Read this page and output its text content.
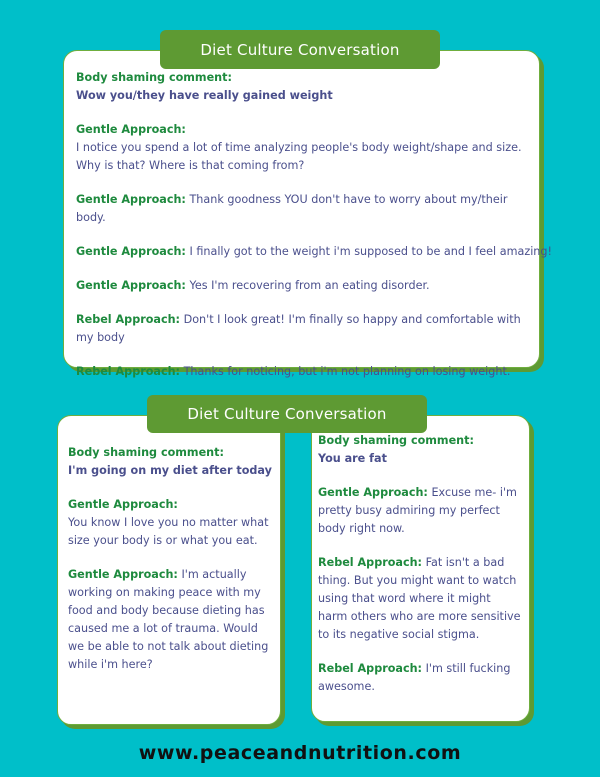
Diet Culture Conversation

Body shaming comment:
Wow you/they have really gained weight

Gentle Approach:
I notice you spend a lot of time analyzing people's body weight/shape and size. Why is that? Where is that coming from?

Gentle Approach: Thank goodness YOU don't have to worry about my/their body.

Gentle Approach: I finally got to the weight i'm supposed to be and I feel amazing!

Gentle Approach: Yes I'm recovering from an eating disorder.

Rebel Approach: Don't I look great! I'm finally so happy and comfortable with my body

Rebel Approach: Thanks for noticing, but i'm not planning on losing weight.

Diet Culture Conversation

Body shaming comment:
I'm going on my diet after today

Gentle Approach:
You know I love you no matter what size your body is or what you eat.

Gentle Approach: I'm actually working on making peace with my food and body because dieting has caused me a lot of trauma. Would we be able to not talk about dieting while i'm here?

Body shaming comment:
You are fat

Gentle Approach: Excuse me- i'm pretty busy admiring my perfect body right now.

Rebel Approach: Fat isn't a bad thing. But you might want to watch using that word where it might harm others who are more sensitive to its negative social stigma.

Rebel Approach: I'm still fucking awesome.

www.peaceandnutrition.com
